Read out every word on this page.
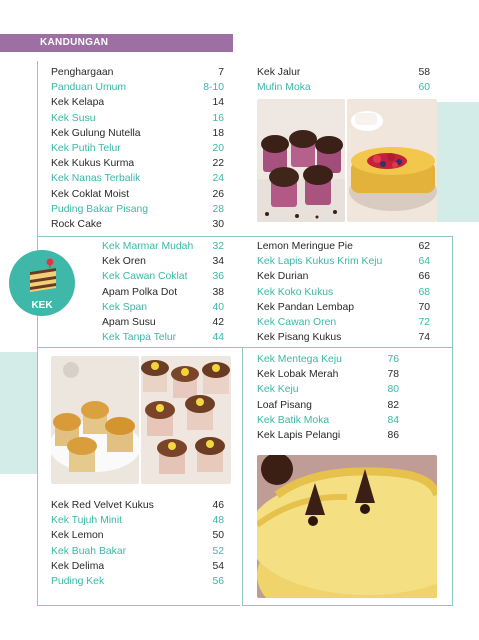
KANDUNGAN
Penghargaan	7
Panduan Umum	8-10
Kek Kelapa	14
Kek Susu	16
Kek Gulung Nutella	18
Kek Putih Telur	20
Kek Kukus Kurma	22
Kek Nanas Terbalik	24
Kek Coklat Moist	26
Puding Bakar Pisang	28
Rock Cake	30
Kek Jalur	58
Mufin Moka	60
Kek Marmar Mudah 32
Kek Oren	34
Kek Cawan Coklat 36
Apam Polka Dot	38
Kek Span	40
Apam Susu	42
Kek Tanpa Telur	44
Lemon Meringue Pie	62
Kek Lapis Kukus Krim Keju	64
Kek Durian	66
Kek Koko Kukus	68
Kek Pandan Lembap	70
Kek Cawan Oren	72
Kek Pisang Kukus	74
Kek Mentega Keju	76
Kek Lobak Merah	78
Kek Keju	80
Loaf Pisang	82
Kek Batik Moka	84
Kek Lapis Pelangi	86
Kek Red Velvet Kukus	46
Kek Tujuh Minit	48
Kek Lemon	50
Kek Buah Bakar	52
Kek Delima	54
Puding Kek	56
KEK
